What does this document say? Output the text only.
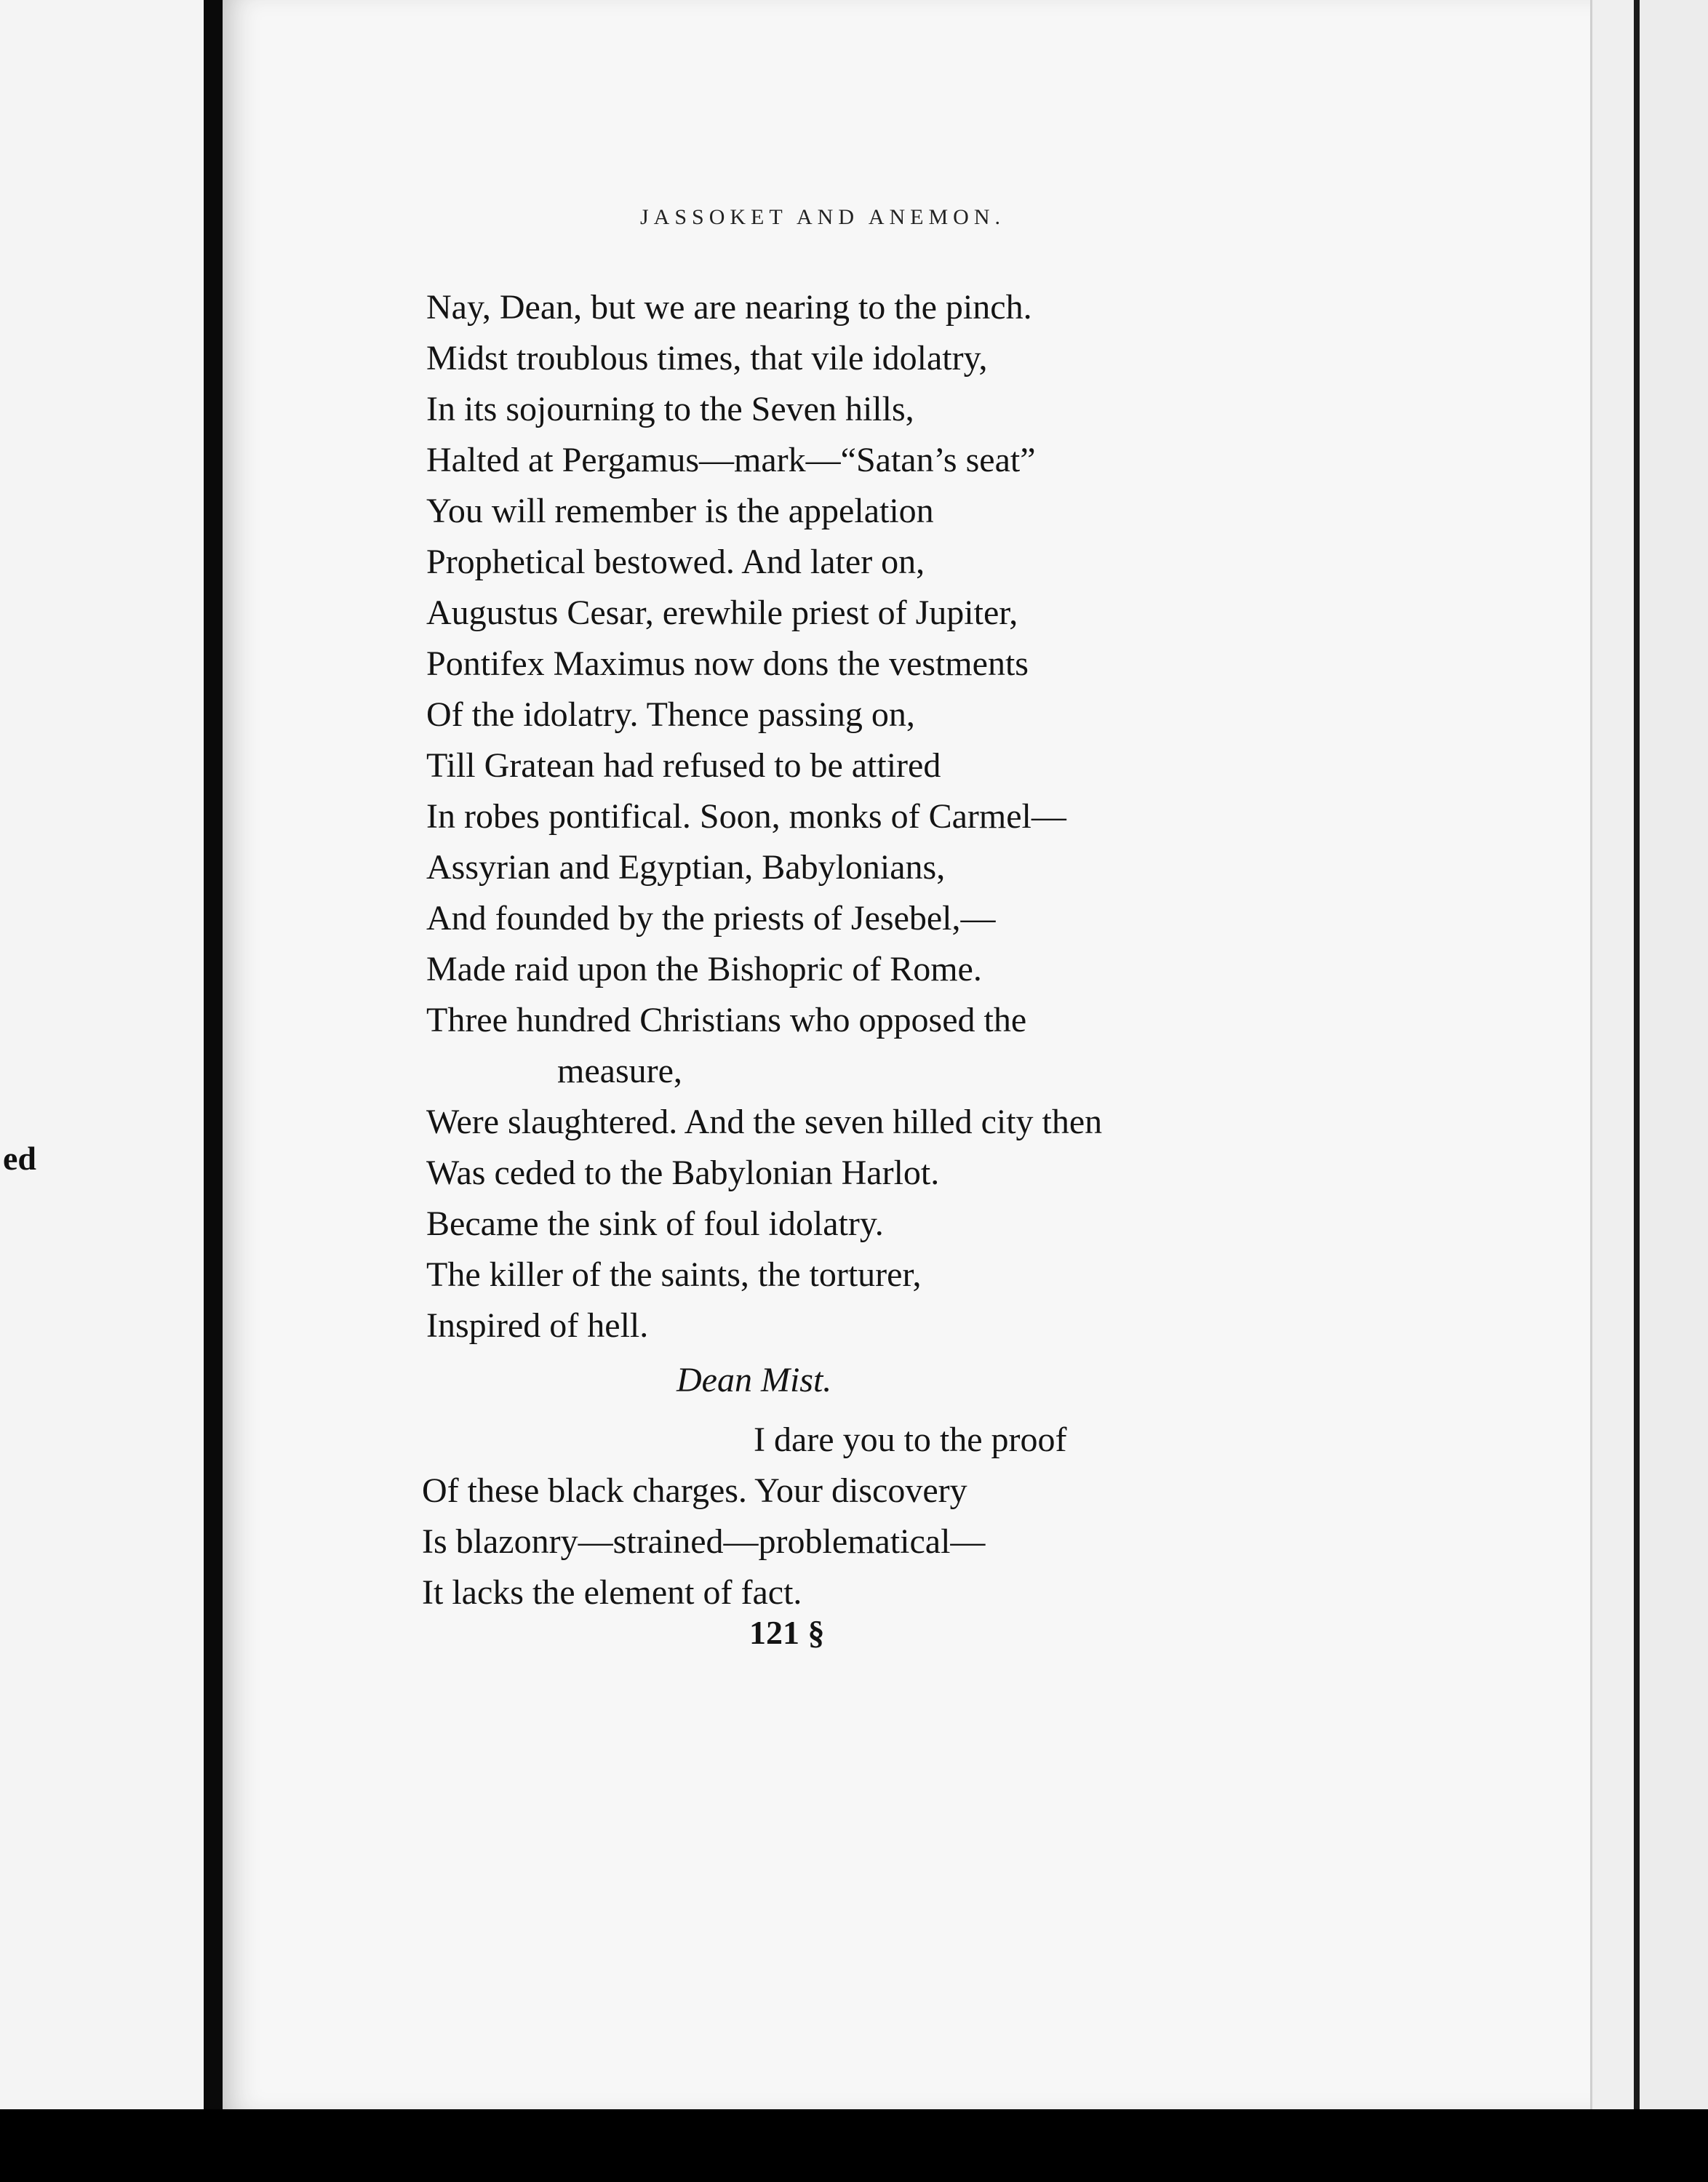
ed
JASSOKET AND ANEMON.
Nay, Dean, but we are nearing to the pinch.
Midst troublous times, that vile idolatry,
In its sojourning to the Seven hills,
Halted at Pergamus—mark—“Satan’s seat”
You will remember is the appelation
Prophetical bestowed. And later on,
Augustus Cesar, erewhile priest of Jupiter,
Pontifex Maximus now dons the vestments
Of the idolatry. Thence passing on,
Till Gratean had refused to be attired
In robes pontifical. Soon, monks of Carmel—
Assyrian and Egyptian, Babylonians,
And founded by the priests of Jesebel,—
Made raid upon the Bishopric of Rome.
Three hundred Christians who opposed the
measure,
Were slaughtered. And the seven hilled city then
Was ceded to the Babylonian Harlot.
Became the sink of foul idolatry.
The killer of the saints, the torturer,
Inspired of hell.
Dean Mist.
I dare you to the proof
Of these black charges. Your discovery
Is blazonry—strained—problematical—
It lacks the element of fact.
121 §
